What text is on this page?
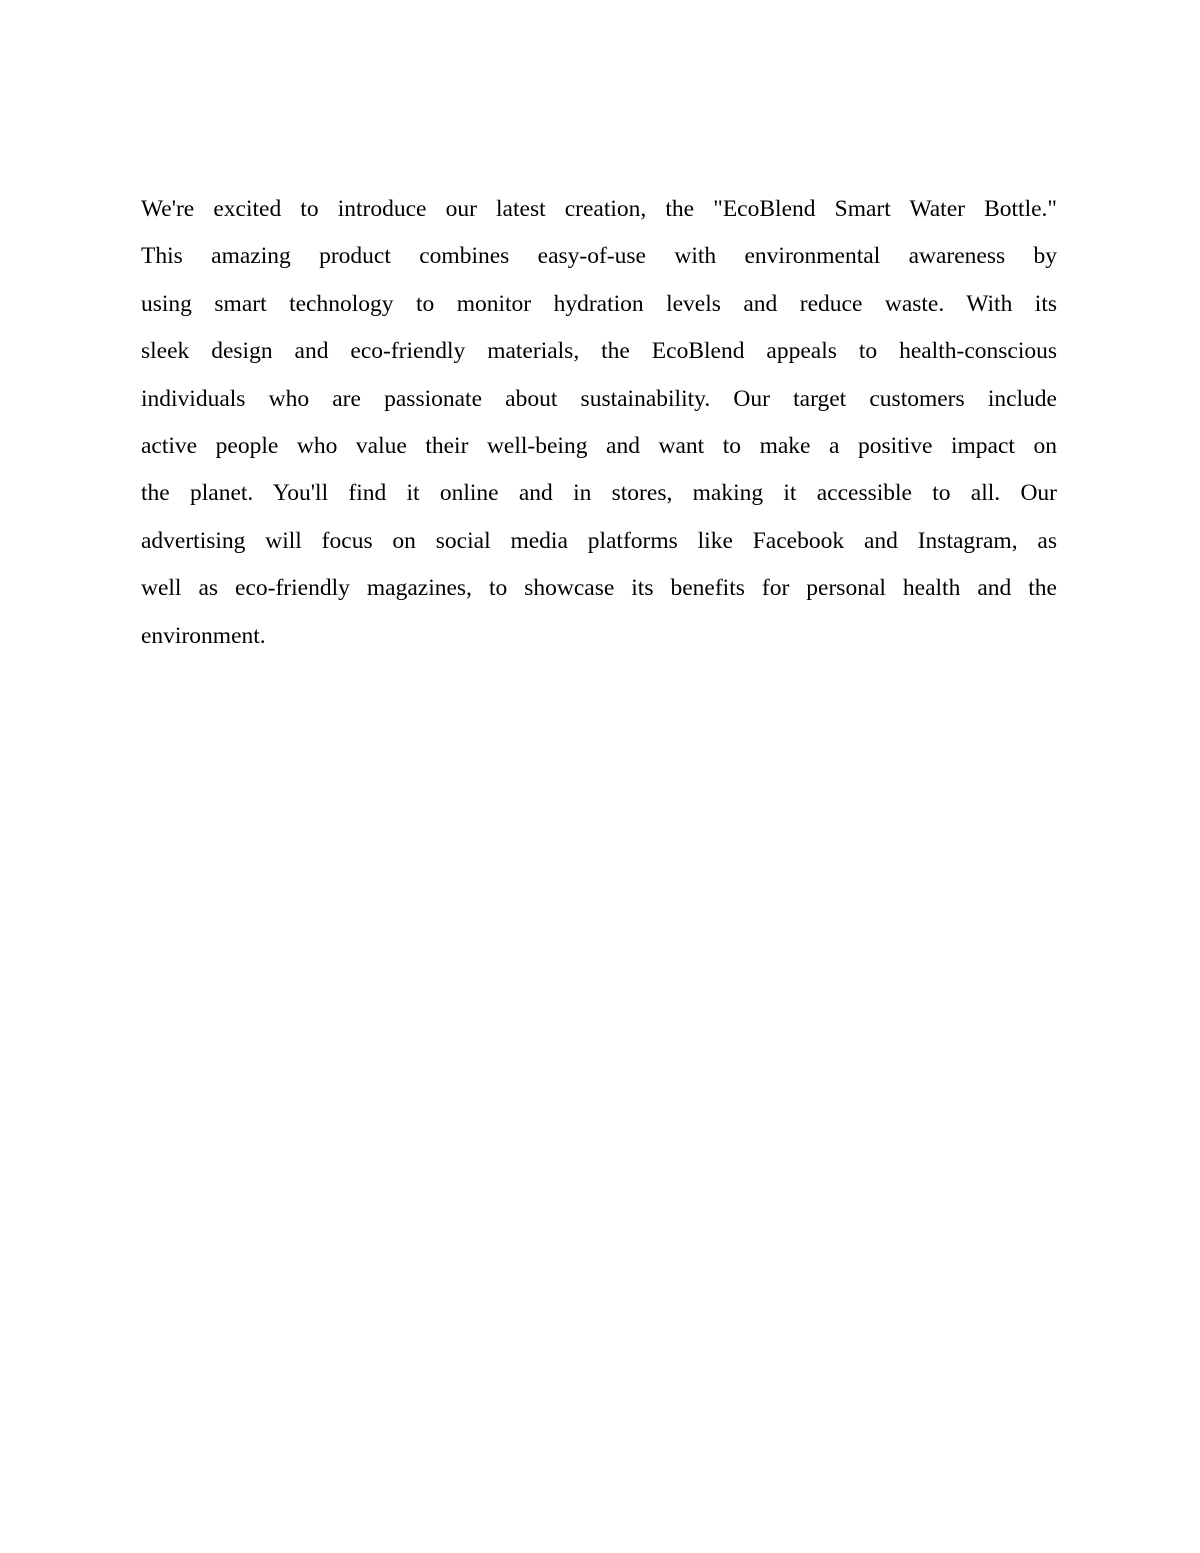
We're excited to introduce our latest creation, the "EcoBlend Smart Water Bottle."
This amazing product combines easy-of-use with environmental awareness by
using smart technology to monitor hydration levels and reduce waste. With its
sleek design and eco-friendly materials, the EcoBlend appeals to health-conscious
individuals who are passionate about sustainability. Our target customers include
active people who value their well-being and want to make a positive impact on
the planet. You'll find it online and in stores, making it accessible to all. Our
advertising will focus on social media platforms like Facebook and Instagram, as
well as eco-friendly magazines, to showcase its benefits for personal health and the
environment.
